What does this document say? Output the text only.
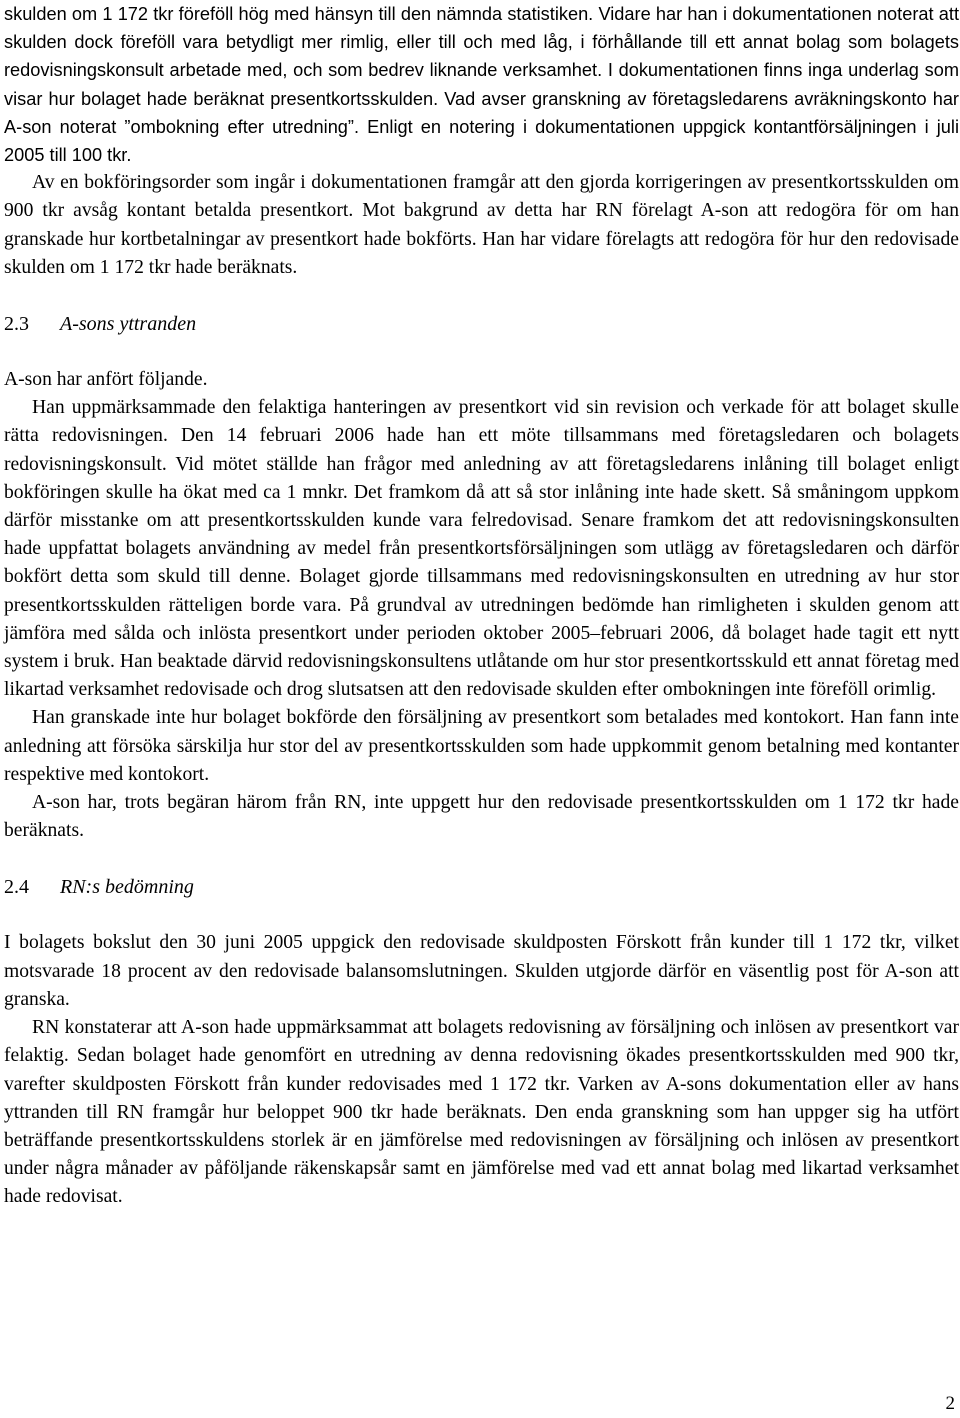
skulden om 1 172 tkr föreföll hög med hänsyn till den nämnda statistiken. Vidare har han i dokumentationen noterat att skulden dock föreföll vara betydligt mer rimlig, eller till och med låg, i förhållande till ett annat bolag som bolagets redovisningskonsult arbetade med, och som bedrev liknande verksamhet. I dokumentationen finns inga underlag som visar hur bolaget hade beräknat presentkortsskulden. Vad avser granskning av företagsledarens avräkningskonto har A-son noterat ”ombokning efter utredning”. Enligt en notering i dokumentationen uppgick kontantförsäljningen i juli 2005 till 100 tkr.

Av en bokföringsorder som ingår i dokumentationen framgår att den gjorda korrigeringen av presentkortsskulden om 900 tkr avsåg kontant betalda presentkort. Mot bakgrund av detta har RN förelagt A-son att redogöra för om han granskade hur kortbetalningar av presentkort hade bokförts. Han har vidare förelagts att redogöra för hur den redovisade skulden om 1 172 tkr hade beräknats.

2.3 A-sons yttranden

A-son har anfört följande.

Han uppmärksammade den felaktiga hanteringen av presentkort vid sin revision och verkade för att bolaget skulle rätta redovisningen. Den 14 februari 2006 hade han ett möte tillsammans med företagsledaren och bolagets redovisningskonsult. Vid mötet ställde han frågor med anledning av att företagsledarens inlåning till bolaget enligt bokföringen skulle ha ökat med ca 1 mnkr. Det framkom då att så stor inlåning inte hade skett. Så småningom uppkom därför misstanke om att presentkortsskulden kunde vara felredovisad. Senare framkom det att redovisningskonsulten hade uppfattat bolagets användning av medel från presentkortsförsäljningen som utlägg av företagsledaren och därför bokfört detta som skuld till denne. Bolaget gjorde tillsammans med redovisningskonsulten en utredning av hur stor presentkortsskulden rätteligen borde vara. På grundval av utredningen bedömde han rimligheten i skulden genom att jämföra med sålda och inlösta presentkort under perioden oktober 2005–februari 2006, då bolaget hade tagit ett nytt system i bruk. Han beaktade därvid redovisningskonsultens utlåtande om hur stor presentkortsskuld ett annat företag med likartad verksamhet redovisade och drog slutsatsen att den redovisade skulden efter ombokningen inte föreföll orimlig.

Han granskade inte hur bolaget bokförde den försäljning av presentkort som betalades med kontokort. Han fann inte anledning att försöka särskilja hur stor del av presentkortsskulden som hade uppkommit genom betalning med kontanter respektive med kontokort.

A-son har, trots begäran härom från RN, inte uppgett hur den redovisade presentkortsskulden om 1 172 tkr hade beräknats.

2.4 RN:s bedömning

I bolagets bokslut den 30 juni 2005 uppgick den redovisade skuldposten Förskott från kunder till 1 172 tkr, vilket motsvarade 18 procent av den redovisade balansomslutningen. Skulden utgjorde därför en väsentlig post för A-son att granska.

RN konstaterar att A-son hade uppmärksammat att bolagets redovisning av försäljning och inlösen av presentkort var felaktig. Sedan bolaget hade genomfört en utredning av denna redovisning ökades presentkortsskulden med 900 tkr, varefter skuldposten Förskott från kunder redovisades med 1 172 tkr. Varken av A-sons dokumentation eller av hans yttranden till RN framgår hur beloppet 900 tkr hade beräknats. Den enda granskning som han uppger sig ha utfört beträffande presentkortsskuldens storlek är en jämförelse med redovisningen av försäljning och inlösen av presentkort under några månader av påföljande räkenskapsår samt en jämförelse med vad ett annat bolag med likartad verksamhet hade redovisat.

2
